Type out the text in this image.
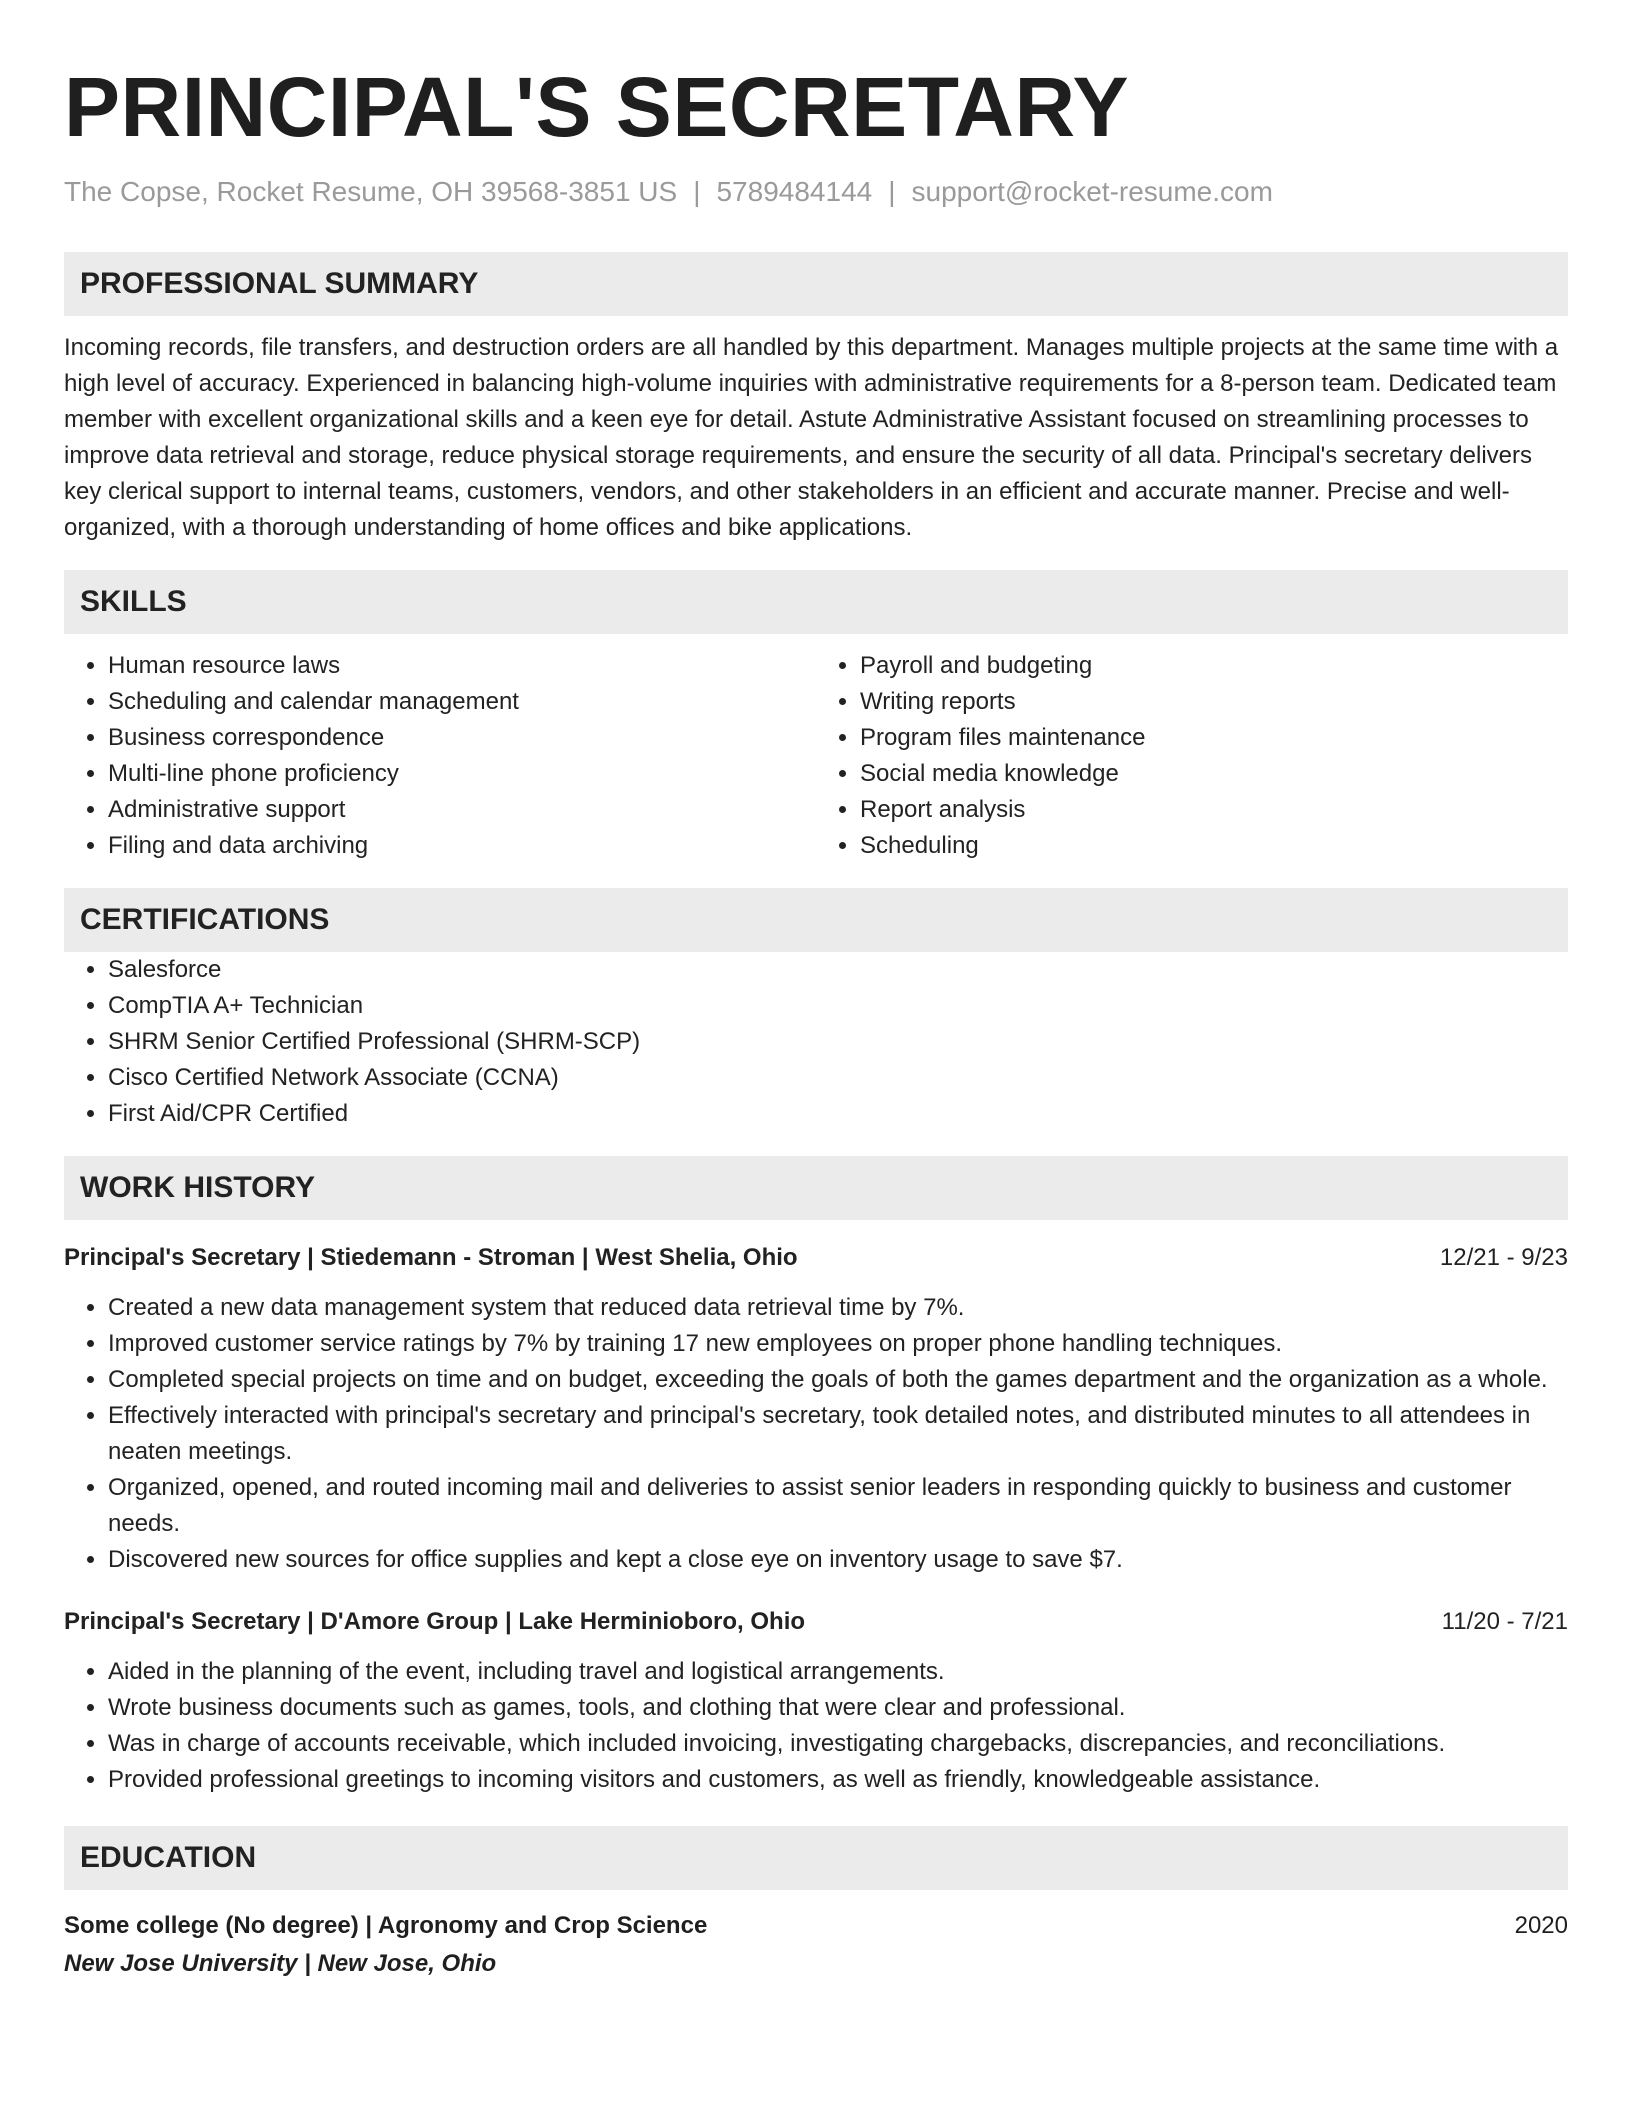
PRINCIPAL'S SECRETARY
The Copse, Rocket Resume, OH 39568-3851 US | 5789484144 | support@rocket-resume.com
PROFESSIONAL SUMMARY
Incoming records, file transfers, and destruction orders are all handled by this department. Manages multiple projects at the same time with a high level of accuracy. Experienced in balancing high-volume inquiries with administrative requirements for a 8-person team. Dedicated team member with excellent organizational skills and a keen eye for detail. Astute Administrative Assistant focused on streamlining processes to improve data retrieval and storage, reduce physical storage requirements, and ensure the security of all data. Principal's secretary delivers key clerical support to internal teams, customers, vendors, and other stakeholders in an efficient and accurate manner. Precise and well-organized, with a thorough understanding of home offices and bike applications.
SKILLS
• Human resource laws
• Scheduling and calendar management
• Business correspondence
• Multi-line phone proficiency
• Administrative support
• Filing and data archiving
• Payroll and budgeting
• Writing reports
• Program files maintenance
• Social media knowledge
• Report analysis
• Scheduling
CERTIFICATIONS
• Salesforce
• CompTIA A+ Technician
• SHRM Senior Certified Professional (SHRM-SCP)
• Cisco Certified Network Associate (CCNA)
• First Aid/CPR Certified
WORK HISTORY
Principal's Secretary | Stiedemann - Stroman | West Shelia, Ohio	12/21 - 9/23
• Created a new data management system that reduced data retrieval time by 7%.
• Improved customer service ratings by 7% by training 17 new employees on proper phone handling techniques.
• Completed special projects on time and on budget, exceeding the goals of both the games department and the organization as a whole.
• Effectively interacted with principal's secretary and principal's secretary, took detailed notes, and distributed minutes to all attendees in neaten meetings.
• Organized, opened, and routed incoming mail and deliveries to assist senior leaders in responding quickly to business and customer needs.
• Discovered new sources for office supplies and kept a close eye on inventory usage to save $7.
Principal's Secretary | D'Amore Group | Lake Herminioboro, Ohio	11/20 - 7/21
• Aided in the planning of the event, including travel and logistical arrangements.
• Wrote business documents such as games, tools, and clothing that were clear and professional.
• Was in charge of accounts receivable, which included invoicing, investigating chargebacks, discrepancies, and reconciliations.
• Provided professional greetings to incoming visitors and customers, as well as friendly, knowledgeable assistance.
EDUCATION
Some college (No degree) | Agronomy and Crop Science	2020
New Jose University | New Jose, Ohio
